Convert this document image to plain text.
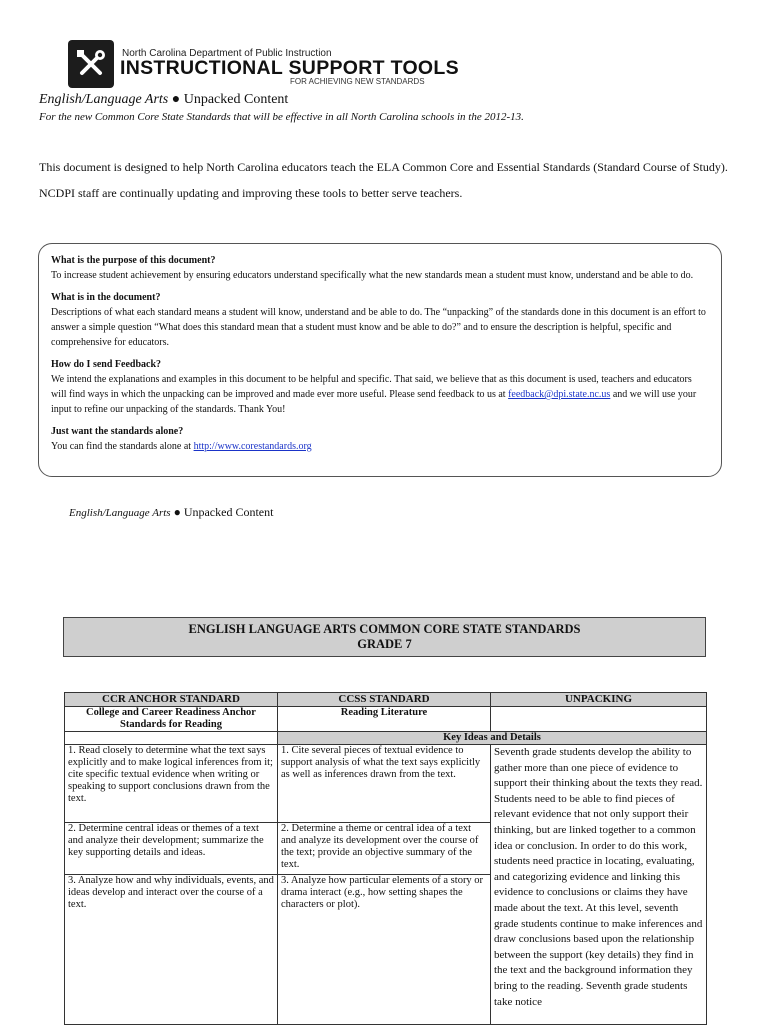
North Carolina Department of Public Instruction
INSTRUCTIONAL SUPPORT TOOLS
FOR ACHIEVING NEW STANDARDS
English/Language Arts ● Unpacked Content
For the new Common Core State Standards that will be effective in all North Carolina schools in the 2012-13.
This document is designed to help North Carolina educators teach the ELA Common Core and Essential Standards (Standard Course of Study).
NCDPI staff are continually updating and improving these tools to better serve teachers.
What is the purpose of this document?

To increase student achievement by ensuring educators understand specifically what the new standards mean a student must know, understand and be able to do.

What is in the document?

Descriptions of what each standard means a student will know, understand and be able to do. The “unpacking” of the standards done in this document is an effort to answer a simple question “What does this standard mean that a student must know and be able to do?” and to ensure the description is helpful, specific and comprehensive for educators.

How do I send Feedback?

We intend the explanations and examples in this document to be helpful and specific. That said, we believe that as this document is used, teachers and educators will find ways in which the unpacking can be improved and made ever more useful. Please send feedback to us at feedback@dpi.state.nc.us and we will use your input to refine our unpacking of the standards. Thank You!

Just want the standards alone?

You can find the standards alone at http://www.corestandards.org

English/Language Arts ● Unpacked Content
ENGLISH LANGUAGE ARTS COMMON CORE STATE STANDARDS
GRADE 7
CCR ANCHOR STANDARD	CCSS STANDARD	UNPACKING
College and Career Readiness Anchor Standards for Reading	Reading Literature	
	Key Ideas and Details	
1. Read closely to determine what the text says explicitly and to make logical inferences from it; cite specific textual evidence when writing or speaking to support conclusions drawn from the text.	1. Cite several pieces of textual evidence to support analysis of what the text says explicitly as well as inferences drawn from the text.	Seventh grade students develop the ability to gather more than one piece of evidence to support their thinking about the texts they read. Students need to be able to find pieces of relevant evidence that not only support their thinking, but are linked together to a common idea or conclusion. In order to do this work, students need practice in locating, evaluating, and categorizing evidence and linking this evidence to conclusions or claims they have made about the text. At this level, seventh grade students continue to make inferences and draw conclusions based upon the relationship between the support (key details) they find in the text and the background information they bring to the reading. Seventh grade students take notice
2. Determine central ideas or themes of a text and analyze their development; summarize the key supporting details and ideas.	2. Determine a theme or central idea of a text and analyze its development over the course of the text; provide an objective summary of the text.	
3. Analyze how and why individuals, events, and ideas develop and interact over the course of a text.	3. Analyze how particular elements of a story or drama interact (e.g., how setting shapes the characters or plot).	
